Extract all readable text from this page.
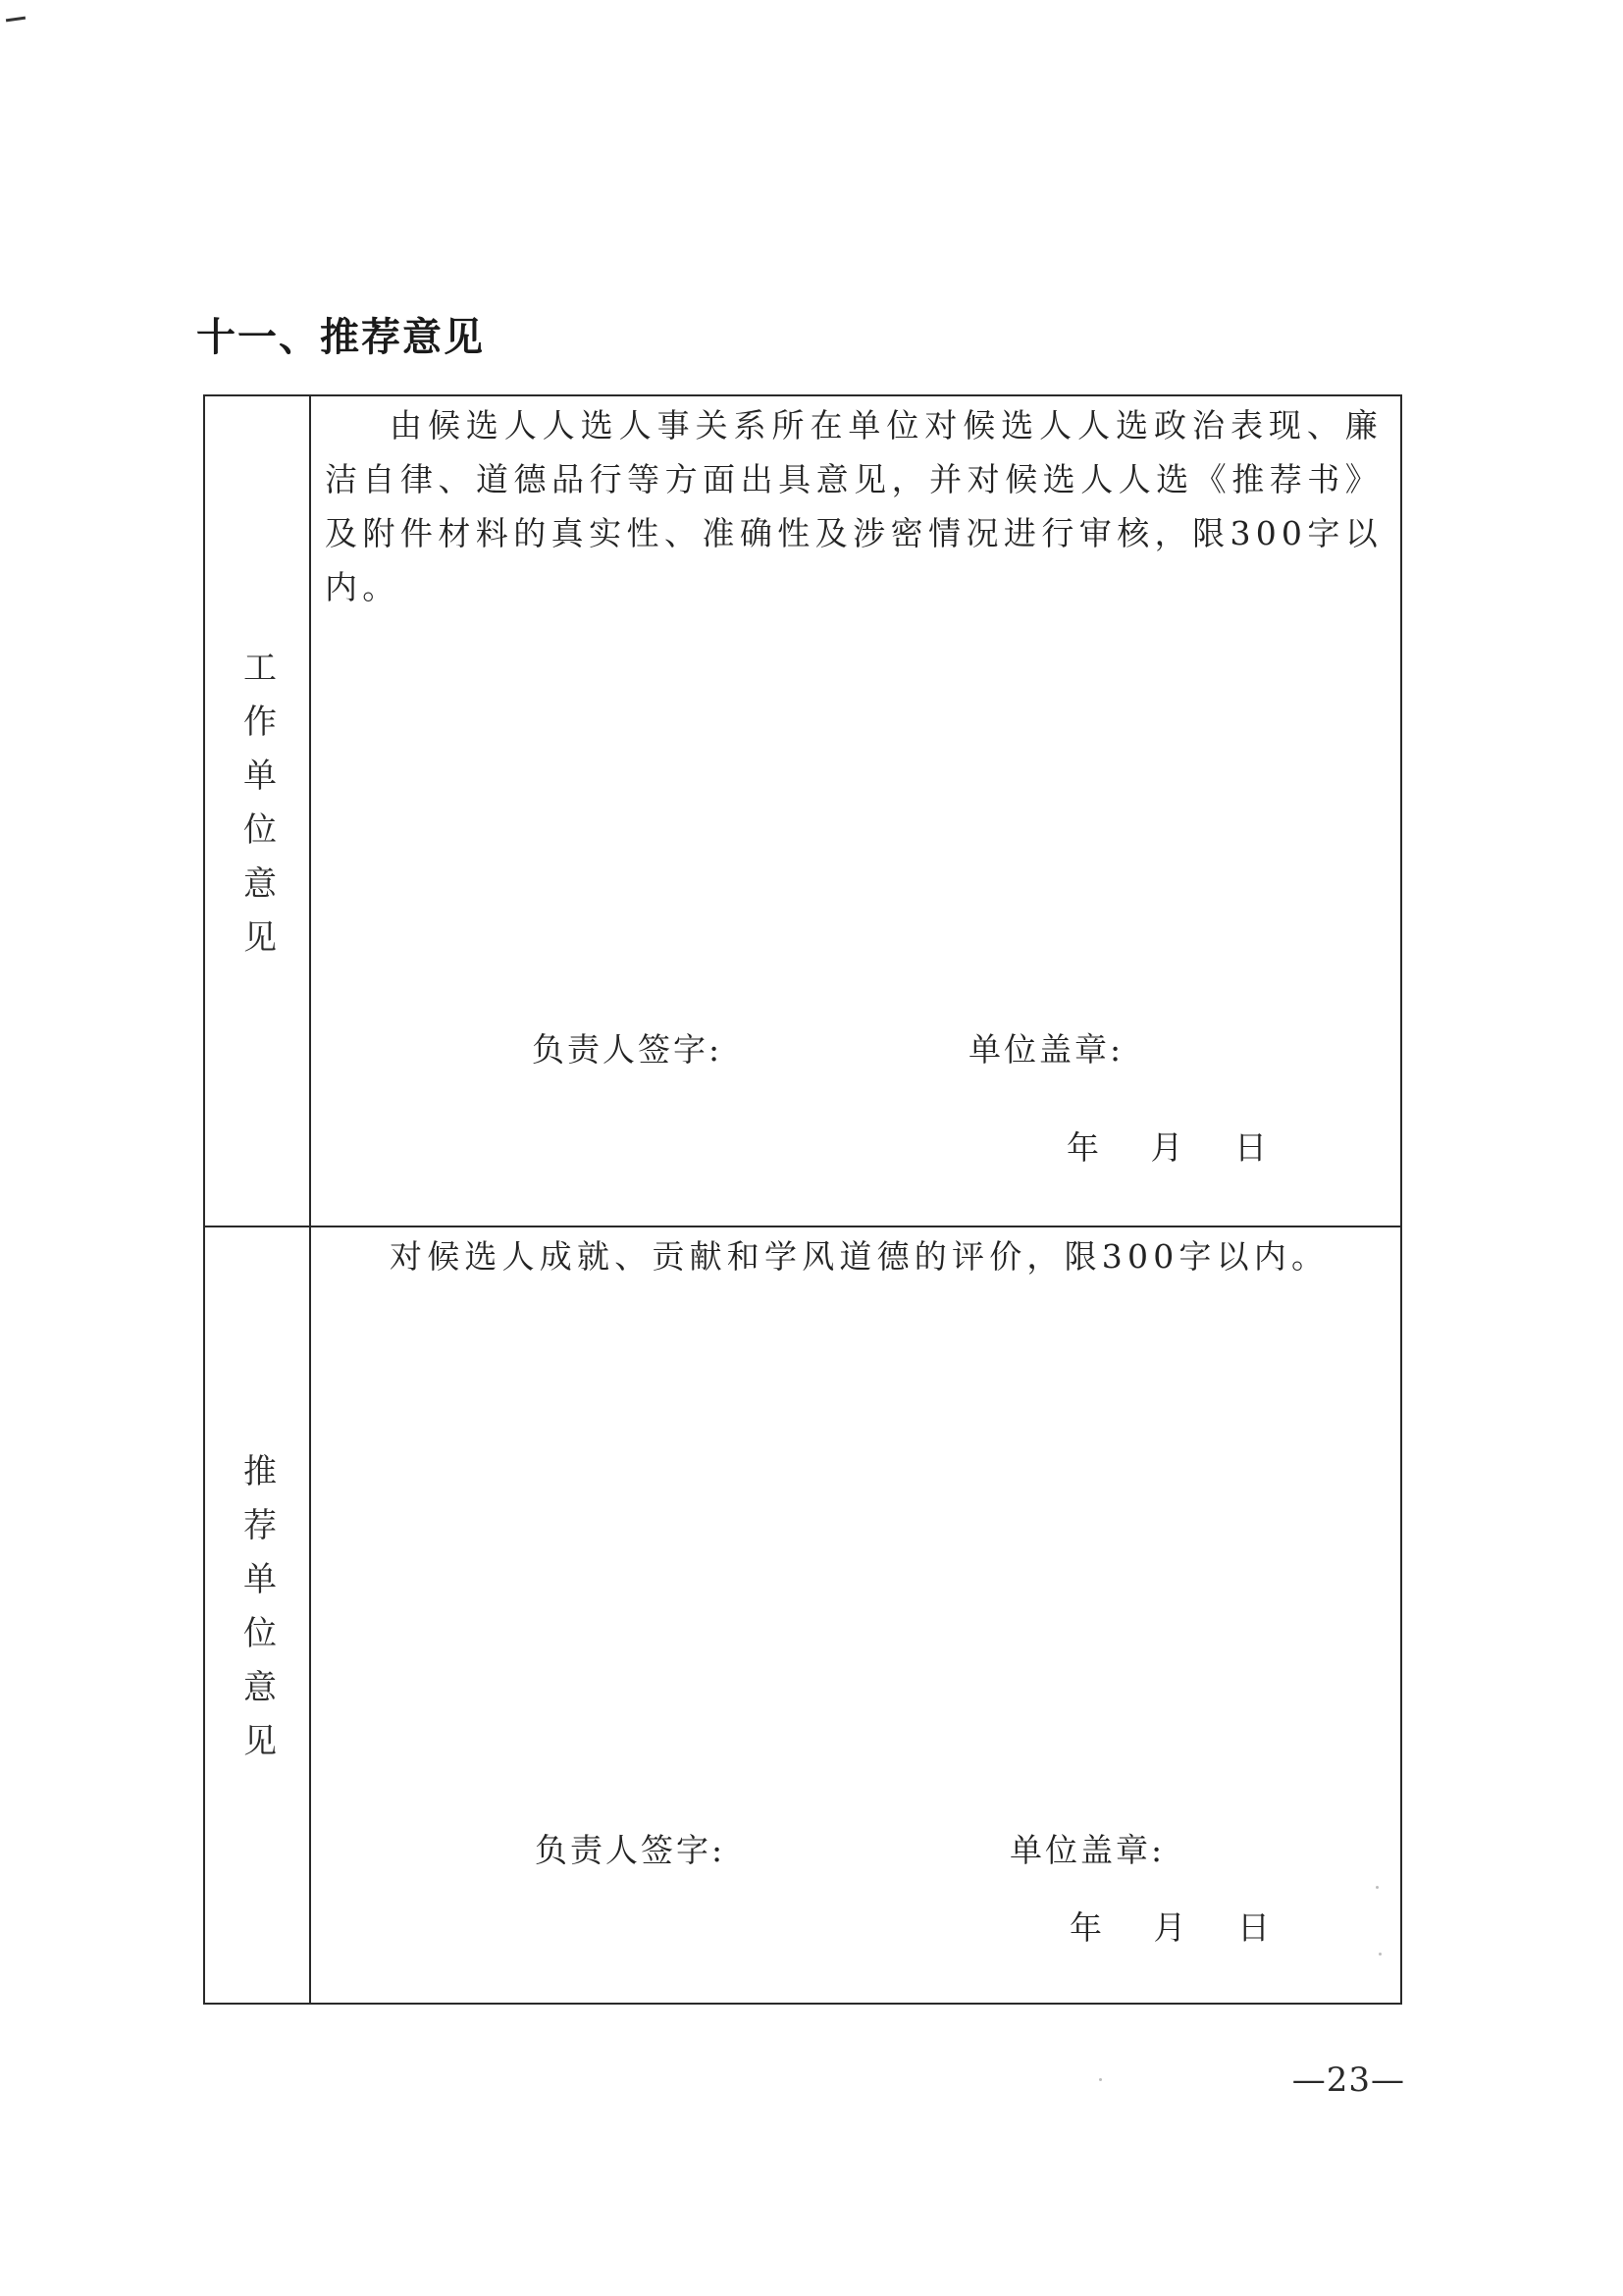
十一、推荐意见
工作单位意见

由候选人人选人事关系所在单位对候选人人选政治表现、廉洁自律、道德品行等方面出具意见，并对候选人人选《推荐书》及附件材料的真实性、准确性及涉密情况进行审核，限300字以内。

负责人签字:	单位盖章:
年 月 日
推荐单位意见

对候选人成就、贡献和学风道德的评价，限300字以内。

负责人签字:	单位盖章:
年 月 日
—23—
